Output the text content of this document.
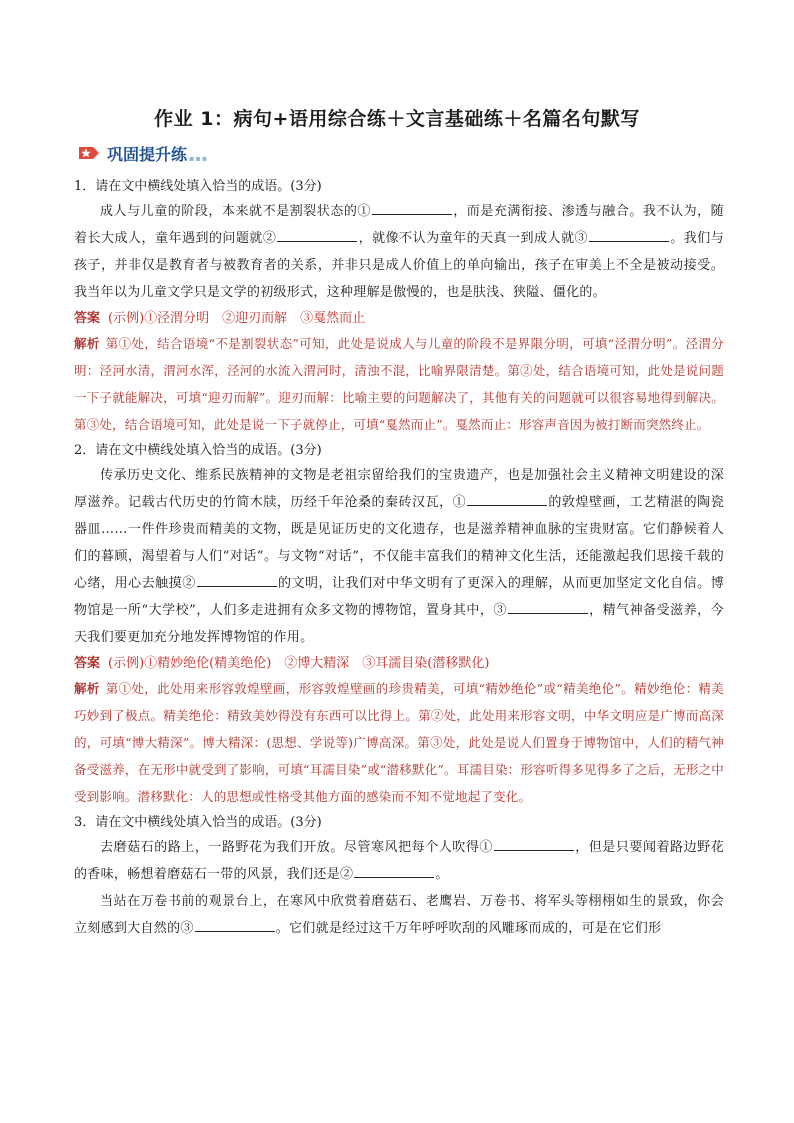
作业 1：病句+语用综合练＋文言基础练＋名篇名句默写
巩固提升练 ▪▪▪

1．请在文中横线处填入恰当的成语。(3分)

成人与儿童的阶段，本来就不是割裂状态的①	，而是充满衔接、渗透与融合。我不认为，随着长大成人，童年遇到的问题就②	，就像不认为童年的天真一到成人就③	。我们与孩子，并非仅是教育者与被教育者的关系，并非只是成人价值上的单向输出，孩子在审美上不全是被动接受。我当年以为儿童文学只是文学的初级形式，这种理解是傲慢的，也是肤浅、狭隘、僵化的。

答案 (示例)①泾渭分明　②迎刃而解　③戛然而止

解析 第①处，结合语境“不是割裂状态”可知，此处是说成人与儿童的阶段不是界限分明，可填“泾渭分明”。泾渭分明：泾河水清，渭河水浑，泾河的水流入渭河时，清浊不混，比喻界限清楚。第②处，结合语境可知，此处是说问题一下子就能解决，可填“迎刃而解”。迎刃而解：比喻主要的问题解决了，其他有关的问题就可以很容易地得到解决。第③处，结合语境可知，此处是说一下子就停止，可填“戛然而止”。戛然而止：形容声音因为被打断而突然终止。

2．请在文中横线处填入恰当的成语。(3分)

传承历史文化、维系民族精神的文物是老祖宗留给我们的宝贵遗产，也是加强社会主义精神文明建设的深厚滋养。记载古代历史的竹简木牍，历经千年沧桑的秦砖汉瓦，①	的敦煌壁画，工艺精湛的陶瓷器皿……一件件珍贵而精美的文物，既是见证历史的文化遗存，也是滋养精神血脉的宝贵财富。它们静候着人们的暮顾，渴望着与人们“对话”。与文物“对话”，不仅能丰富我们的精神文化生活，还能激起我们思接千载的心绪，用心去触摸②	的文明，让我们对中华文明有了更深入的理解，从而更加坚定文化自信。博物馆是一所“大学校”，人们多走进拥有众多文物的博物馆，置身其中，③	，精气神备受滋养，今天我们要更加充分地发挥博物馆的作用。

答案 (示例)①精妙绝伦(精美绝伦)　②博大精深　③耳濡目染(潜移默化)

解析 第①处，此处用来形容敦煌壁画，形容敦煌壁画的珍贵精美，可填“精妙绝伦”或“精美绝伦”。精妙绝伦：精美巧妙到了极点。精美绝伦：精致美妙得没有东西可以比得上。第②处，此处用来形容文明，中华文明应是广博而高深的，可填“博大精深”。博大精深：(思想、学说等)广博高深。第③处，此处是说人们置身于博物馆中，人们的精气神备受滋养，在无形中就受到了影响，可填“耳濡目染”或“潜移默化”。耳濡目染：形容听得多见得多了之后，无形之中受到影响。潜移默化：人的思想或性格受其他方面的感染而不知不觉地起了变化。

3．请在文中横线处填入恰当的成语。(3分)

去磨菇石的路上，一路野花为我们开放。尽管寒风把每个人吹得①	，但是只要闻着路边野花的香味，畅想着磨菇石一带的风景，我们还是②	。

当站在万卷书前的观景台上，在寒风中欣赏着磨菇石、老鹰岩、万卷书、将军头等栩栩如生的景致，你会立刻感到大自然的③	。它们就是经过这千万年呼呼吹刮的风雕琢而成的，可是在它们形
